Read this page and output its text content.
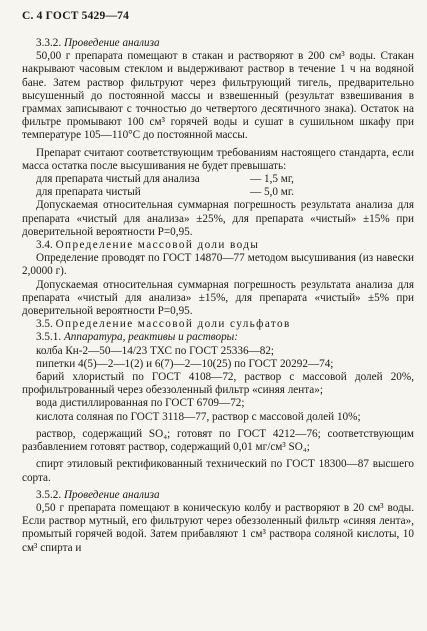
С. 4 ГОСТ 5429—74
3.3.2. Проведение анализа

50,00 г препарата помещают в стакан и растворяют в 200 см³ воды. Стакан накрывают часовым стеклом и выдерживают раствор в течение 1 ч на водяной бане. Затем раствор фильтруют через фильтрующий тигель, предварительно высушенный до постоянной массы и взвешенный (результат взвешивания в граммах записывают с точностью до четвертого десятичного знака). Остаток на фильтре промывают 100 см³ горячей воды и сушат в сушильном шкафу при температуре 105—110°С до постоянной массы.

Препарат считают соответствующим требованиям настоящего стандарта, если масса остатка после высушивания не будет превышать:

для препарата чистый для анализа	— 1,5 мг,
для препарата чистый	— 5,0 мг.

Допускаемая относительная суммарная погрешность результата анализа для препарата «чистый для анализа» ±25%, для препарата «чистый» ±15% при доверительной вероятности P=0,95.

3.4. Определение массовой доли воды

Определение проводят по ГОСТ 14870—77 методом высушивания (из навески 2,0000 г).

Допускаемая относительная суммарная погрешность результата анализа для препарата «чистый для анализа» ±15%, для препарата «чистый» ±5% при доверительной вероятности P=0,95.

3.5. Определение массовой доли сульфатов
3.5.1. Аппаратура, реактивы и растворы:

колба Кн-2—50—14/23 ТХС по ГОСТ 25336—82;

пипетки 4(5)—2—1(2) и 6(7)—2—10(25) по ГОСТ 20292—74;

барий хлористый по ГОСТ 4108—72, раствор с массовой долей 20%, профильтрованный через обеззоленный фильтр «синяя лента»;

вода дистиллированная по ГОСТ 6709—72;

кислота соляная по ГОСТ 3118—77, раствор с массовой долей 10%;

раствор, содержащий SO₄; готовят по ГОСТ 4212—76; соответствующим разбавлением готовят раствор, содержащий 0,01 мг/см³ SO₄;

спирт этиловый ректификованный технический по ГОСТ 18300—87 высшего сорта.

3.5.2. Проведение анализа

0,50 г препарата помещают в коническую колбу и растворяют в 20 см³ воды. Если раствор мутный, его фильтруют через обеззоленный фильтр «синяя лента», промытый горячей водой. Затем прибавляют 1 см³ раствора соляной кислоты, 10 см³ спирта и
